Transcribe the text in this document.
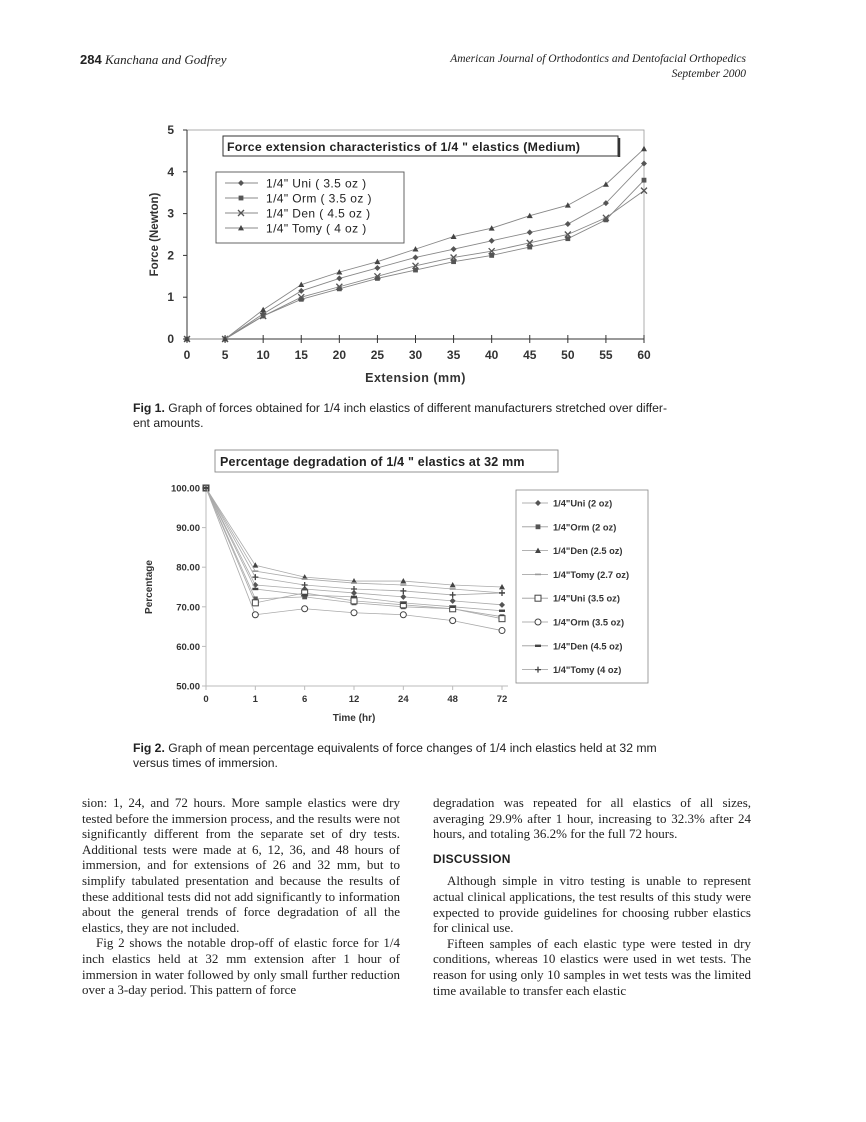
284 Kanchana and Godfrey	American Journal of Orthodontics and Dentofacial Orthopedics
September 2000
0	5 10 15 20 25 30 35 40 45 50 55 60
0
1
2
3
4
5
Extension (mm)
Force (Newton)
Force extension characteristics of 1/4 " elastics (Medium)
1/4" Uni ( 3.5 oz )
1/4" Orm ( 3.5 oz )
1/4" Den ( 4.5 oz )
1/4" Tomy ( 4 oz )
50.00
60.00
70.00
80.00
90.00
100.00
0	1	6	12	24	48	72
Time (hr)
Percentage
Percentage degradation of 1/4 " elastics at 32 mm
1/4"Uni (2 oz)
1/4"Orm (2 oz)
1/4"Den (2.5 oz)
1/4"Tomy (2.7 oz)
1/4"Uni (3.5 oz)
1/4"Orm (3.5 oz)
1/4"Den (4.5 oz)
1/4"Tomy (4 oz)
Fig 1. Graph of forces obtained for 1/4 inch elastics of different manufacturers stretched over differ-
ent amounts.
Fig 2. Graph of mean percentage equivalents of force changes of 1/4 inch elastics held at 32 mm
versus times of immersion.

sion: 1, 24, and 72 hours. More sample elastics were dry tested before the immersion process, and the results were not significantly different from the separate set of dry tests. Additional tests were made at 6, 12, 36, and 48 hours of immersion, and for extensions of 26 and 32 mm, but to simplify tabulated presentation and because the results of these additional tests did not add significantly to information about the general trends of force degradation of all the elastics, they are not included.

Fig 2 shows the notable drop-off of elastic force for 1/4 inch elastics held at 32 mm extension after 1 hour of immersion in water followed by only small further reduction over a 3-day period. This pattern of force

degradation was repeated for all elastics of all sizes, averaging 29.9% after 1 hour, increasing to 32.3% after 24 hours, and totaling 36.2% for the full 72 hours.

DISCUSSION

Although simple in vitro testing is unable to represent actual clinical applications, the test results of this study were expected to provide guidelines for choosing rubber elastics for clinical use.

Fifteen samples of each elastic type were tested in dry conditions, whereas 10 elastics were used in wet tests. The reason for using only 10 samples in wet tests was the limited time available to transfer each elastic
